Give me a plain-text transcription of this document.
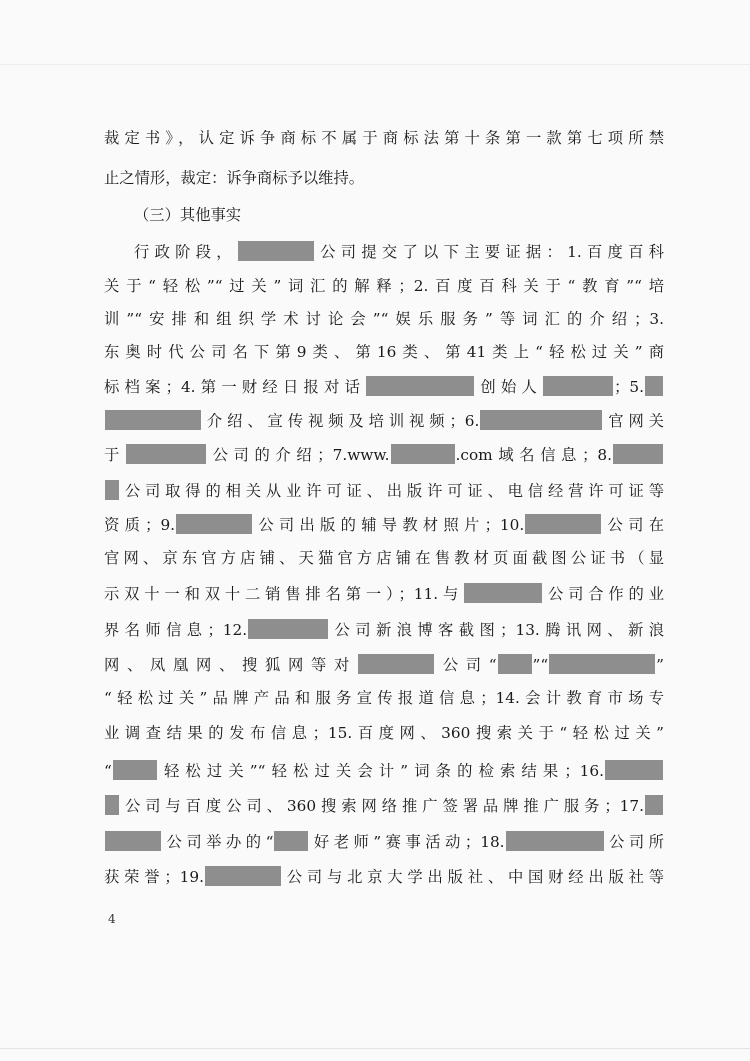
裁定书》，认定诉争商标不属于商标法第十条第一款第七项所禁
止之情形，裁定：诉争商标予以维持。
（三）其他事实
行政阶段，	公司提交了以下主要证据：1.百度百科
关于“轻松”“过关”词汇的解释；2.百度百科关于“教育”“培
训”“安排和组织学术讨论会”“娱乐服务”等词汇的介绍；3.
东奥时代公司名下第9类、第16类、第41类上“轻松过关”商
标档案；4.第一财经日报对话	创始人	；5.
介绍、宣传视频及培训视频；6.	官网关
于	公司的介绍；7.www.	.com域名信息；8.
公司取得的相关从业许可证、出版许可证、电信经营许可证等
资质；9.	公司出版的辅导教材照片；10.	公司在
官网、京东官方店铺、天猫官方店铺在售教材页面截图公证书（显
示双十一和双十二销售排名第一）；11.与	公司合作的业
界名师信息；12.	公司新浪博客截图；13.腾讯网、新浪
网、凤凰网、搜狐网等对	公司“ ”“	”
“轻松过关”品牌产品和服务宣传报道信息；14.会计教育市场专
业调查结果的发布信息；15.百度网、360搜索关于“轻松过关”
“	轻松过关”“轻松过关会计”词条的检索结果；16.
公司与百度公司、360搜索网络推广签署品牌推广服务；17.
公司举办的“ 好老师”赛事活动；18.	公司所
获荣誉；19.	公司与北京大学出版社、中国财经出版社等
4
